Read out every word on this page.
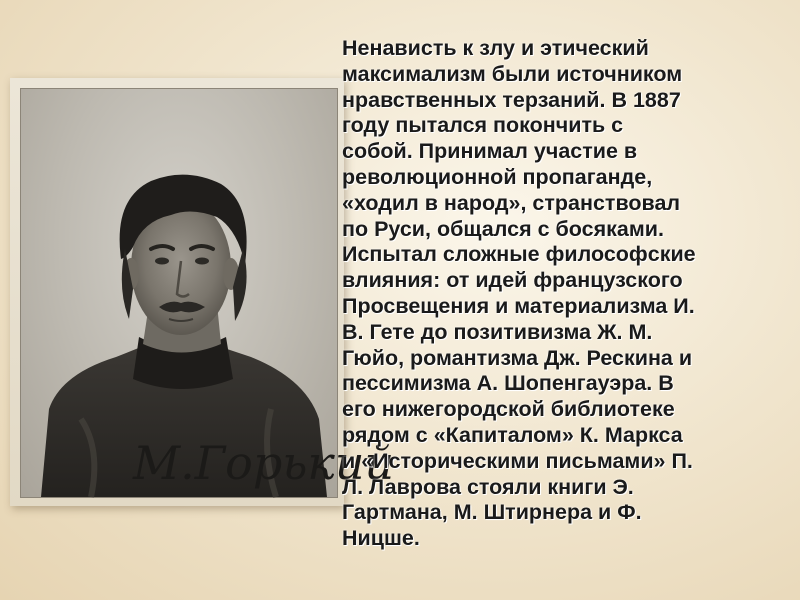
М.Горький
Ненависть к злу и этический
максимализм были источником
нравственных терзаний. В 1887
году пытался покончить с
собой. Принимал участие в
революционной пропаганде,
«ходил в народ», странствовал
по Руси, общался с босяками.
Испытал сложные философские
влияния: от идей французского
Просвещения и материализма И.
В. Гете до позитивизма Ж. М.
Гюйо, романтизма Дж. Рескина и
пессимизма А. Шопенгауэра. В
его нижегородской библиотеке
рядом с «Капиталом» К. Маркса
и «Историческими письмами» П.
Л. Лаврова стояли книги Э.
Гартмана, М. Штирнера и Ф.
Ницше.
